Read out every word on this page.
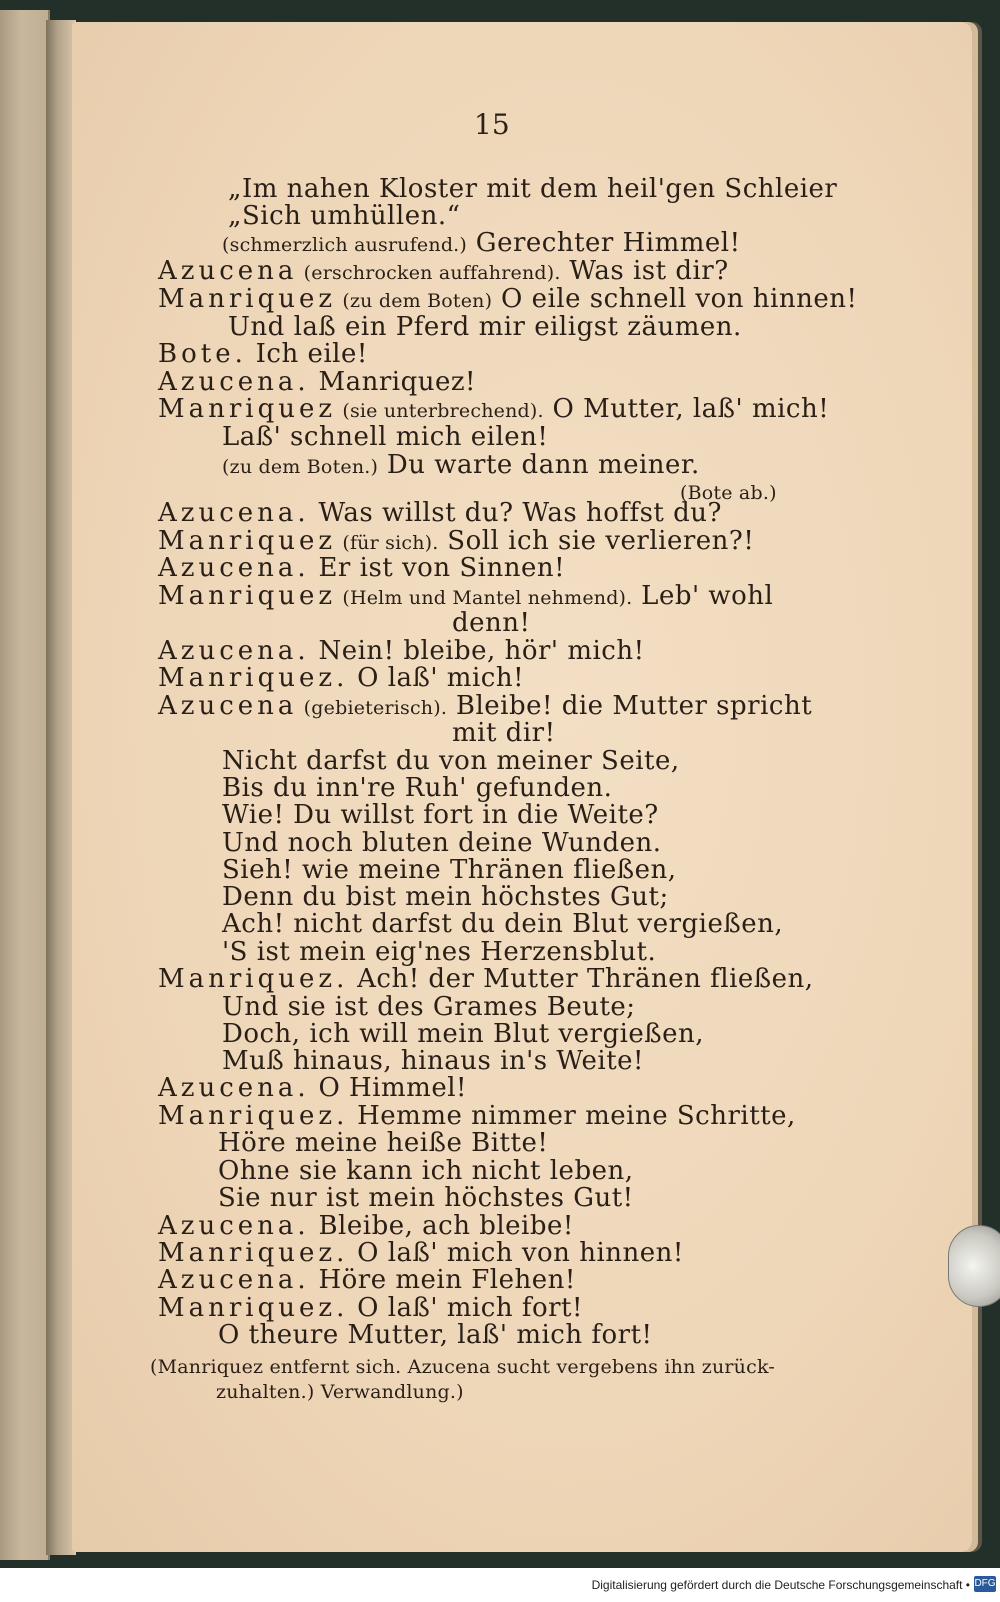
15
„Im nahen Kloster mit dem heil'gen Schleier
„Sich umhüllen.“
(schmerzlich ausrufend.) Gerechter Himmel!
Azucena (erschrocken auffahrend). Was ist dir?
Manriquez (zu dem Boten) O eile schnell von hinnen!
Und laß ein Pferd mir eiligst zäumen.
Bote. Ich eile!
Azucena. Manriquez!
Manriquez (sie unterbrechend). O Mutter, laß' mich!
Laß' schnell mich eilen!
(zu dem Boten.) Du warte dann meiner.
(Bote ab.)
Azucena. Was willst du? Was hoffst du?
Manriquez (für sich). Soll ich sie verlieren?!
Azucena. Er ist von Sinnen!
Manriquez (Helm und Mantel nehmend). Leb' wohl
denn!
Azucena. Nein! bleibe, hör' mich!
Manriquez. O laß' mich!
Azucena (gebieterisch). Bleibe! die Mutter spricht
mit dir!
Nicht darfst du von meiner Seite,
Bis du inn're Ruh' gefunden.
Wie! Du willst fort in die Weite?
Und noch bluten deine Wunden.
Sieh! wie meine Thränen fließen,
Denn du bist mein höchstes Gut;
Ach! nicht darfst du dein Blut vergießen,
'S ist mein eig'nes Herzensblut.
Manriquez. Ach! der Mutter Thränen fließen,
Und sie ist des Grames Beute;
Doch, ich will mein Blut vergießen,
Muß hinaus, hinaus in's Weite!
Azucena. O Himmel!
Manriquez. Hemme nimmer meine Schritte,
Höre meine heiße Bitte!
Ohne sie kann ich nicht leben,
Sie nur ist mein höchstes Gut!
Azucena. Bleibe, ach bleibe!
Manriquez. O laß' mich von hinnen!
Azucena. Höre mein Flehen!
Manriquez. O laß' mich fort!
O theure Mutter, laß' mich fort!
(Manriquez entfernt sich. Azucena sucht vergebens ihn zurück-
zuhalten.) Verwandlung.)
Digitalisierung gefördert durch die Deutsche Forschungsgemeinschaft • DFG
